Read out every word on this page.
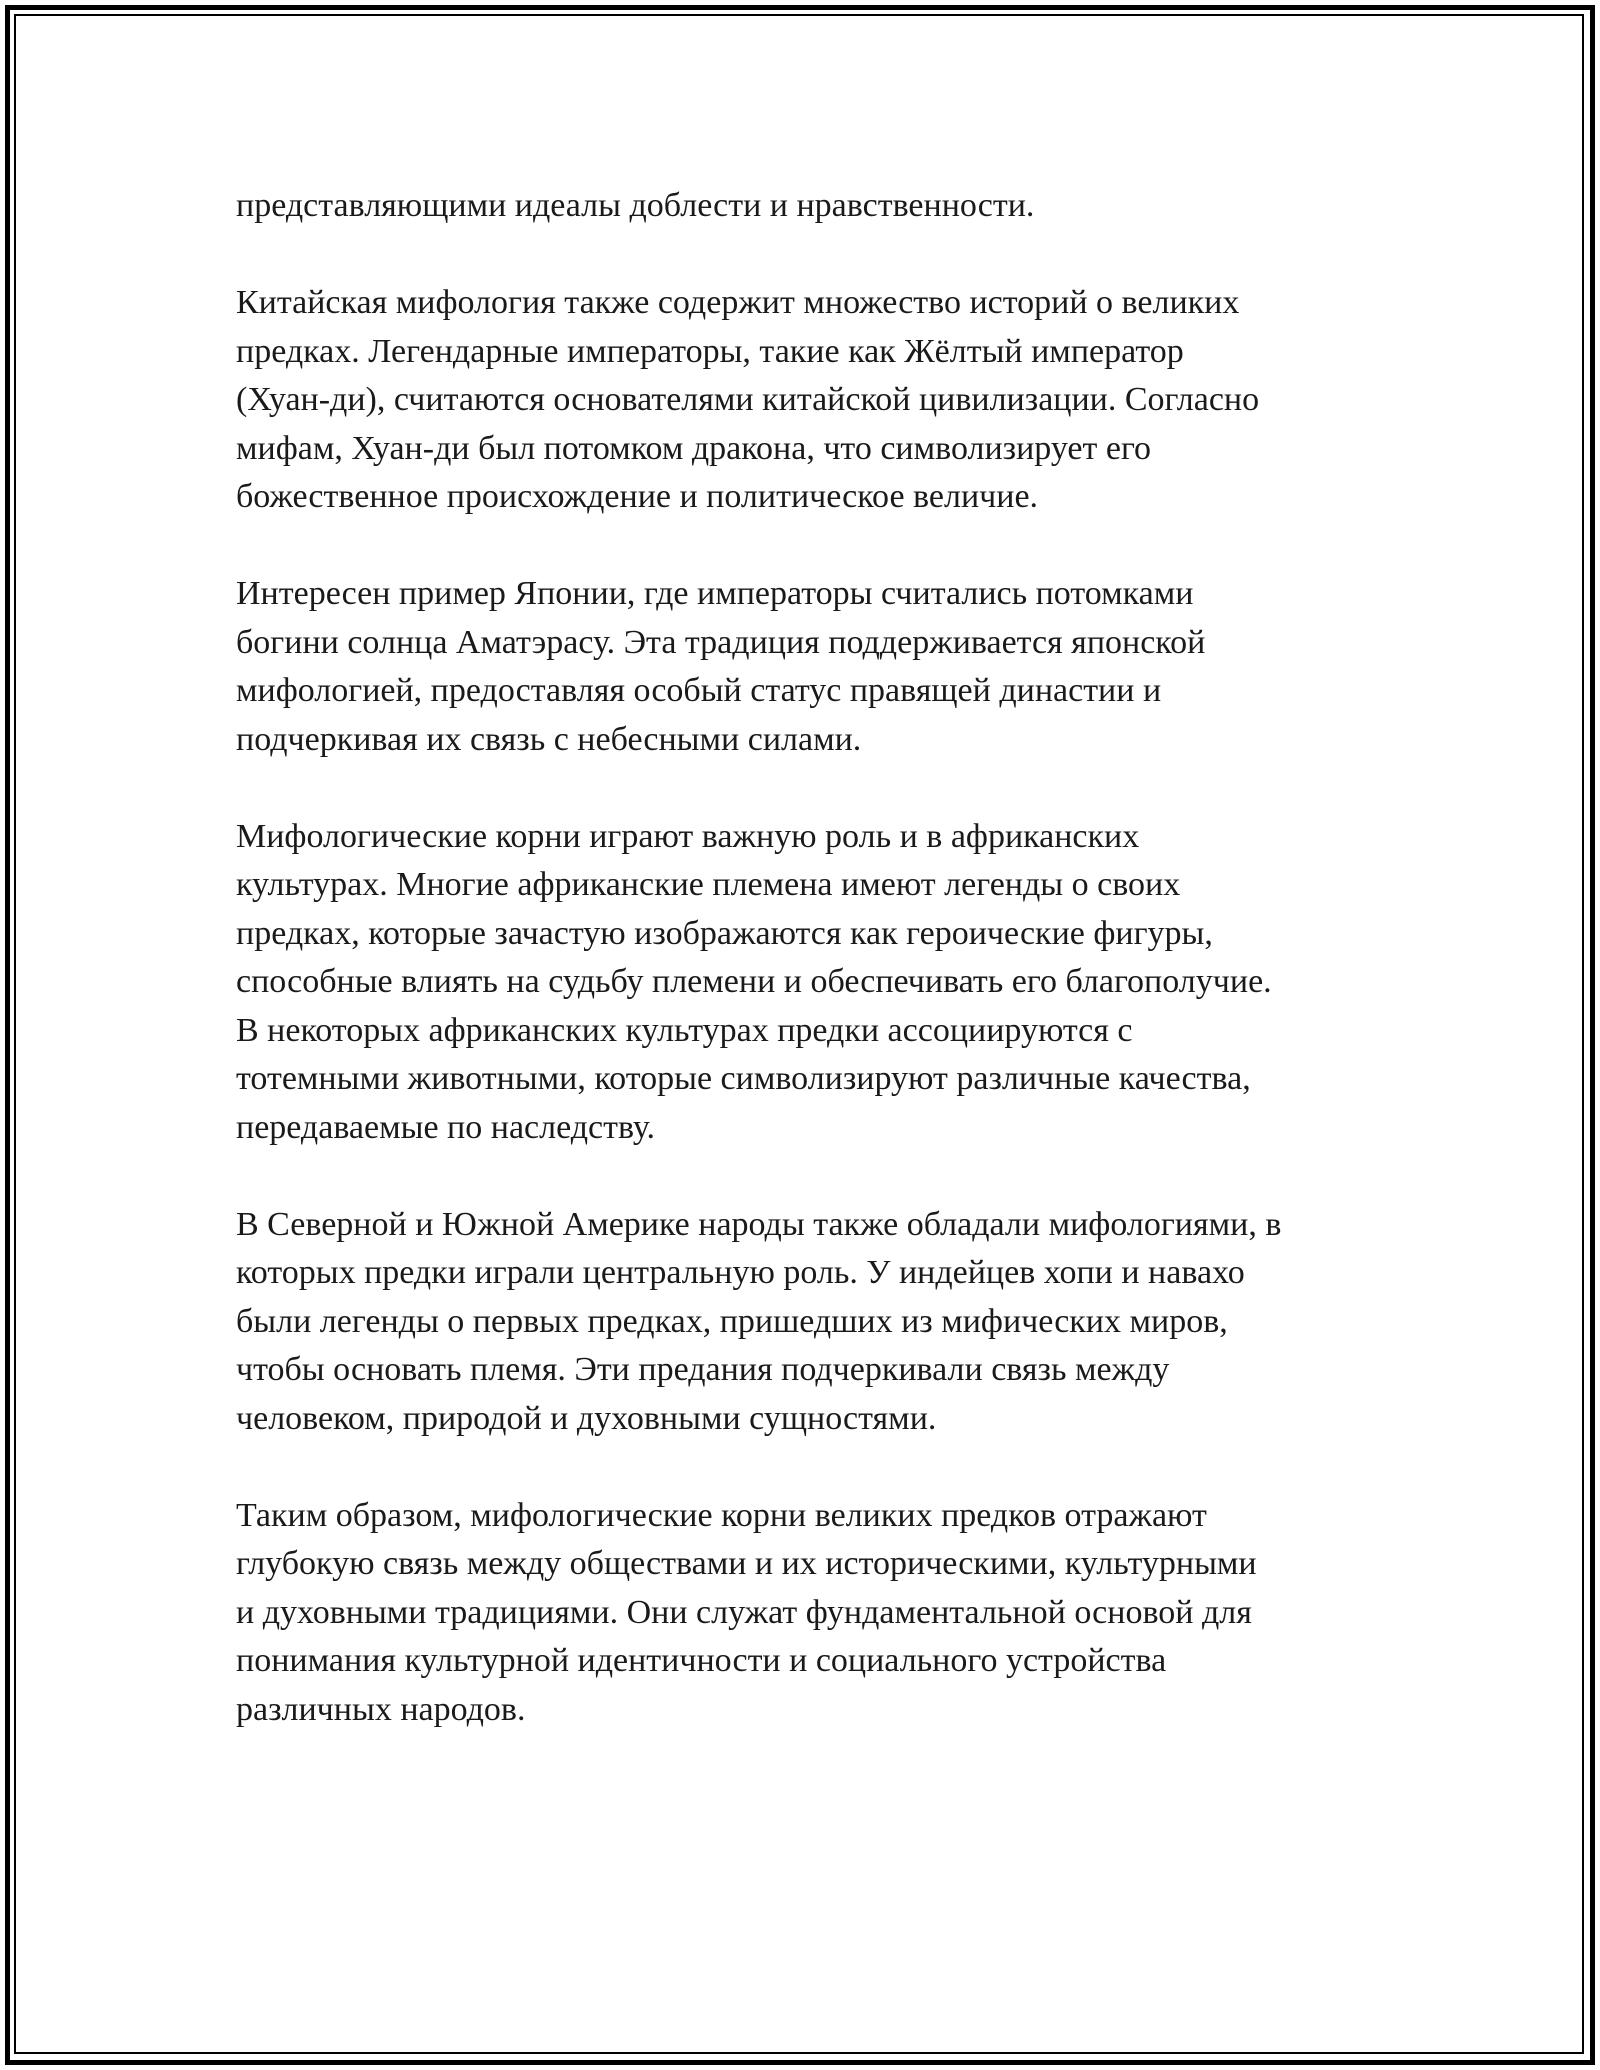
представляющими идеалы доблести и нравственности.

Китайская мифология также содержит множество историй о великих
предках. Легендарные императоры, такие как Жёлтый император
(Хуан-ди), считаются основателями китайской цивилизации. Согласно
мифам, Хуан-ди был потомком дракона, что символизирует его
божественное происхождение и политическое величие.

Интересен пример Японии, где императоры считались потомками
богини солнца Аматэрасу. Эта традиция поддерживается японской
мифологией, предоставляя особый статус правящей династии и
подчеркивая их связь с небесными силами.

Мифологические корни играют важную роль и в африканских
культурах. Многие африканские племена имеют легенды о своих
предках, которые зачастую изображаются как героические фигуры,
способные влиять на судьбу племени и обеспечивать его благополучие.
В некоторых африканских культурах предки ассоциируются с
тотемными животными, которые символизируют различные качества,
передаваемые по наследству.

В Северной и Южной Америке народы также обладали мифологиями, в
которых предки играли центральную роль. У индейцев хопи и навахо
были легенды о первых предках, пришедших из мифических миров,
чтобы основать племя. Эти предания подчеркивали связь между
человеком, природой и духовными сущностями.

Таким образом, мифологические корни великих предков отражают
глубокую связь между обществами и их историческими, культурными
и духовными традициями. Они служат фундаментальной основой для
понимания культурной идентичности и социального устройства
различных народов.
